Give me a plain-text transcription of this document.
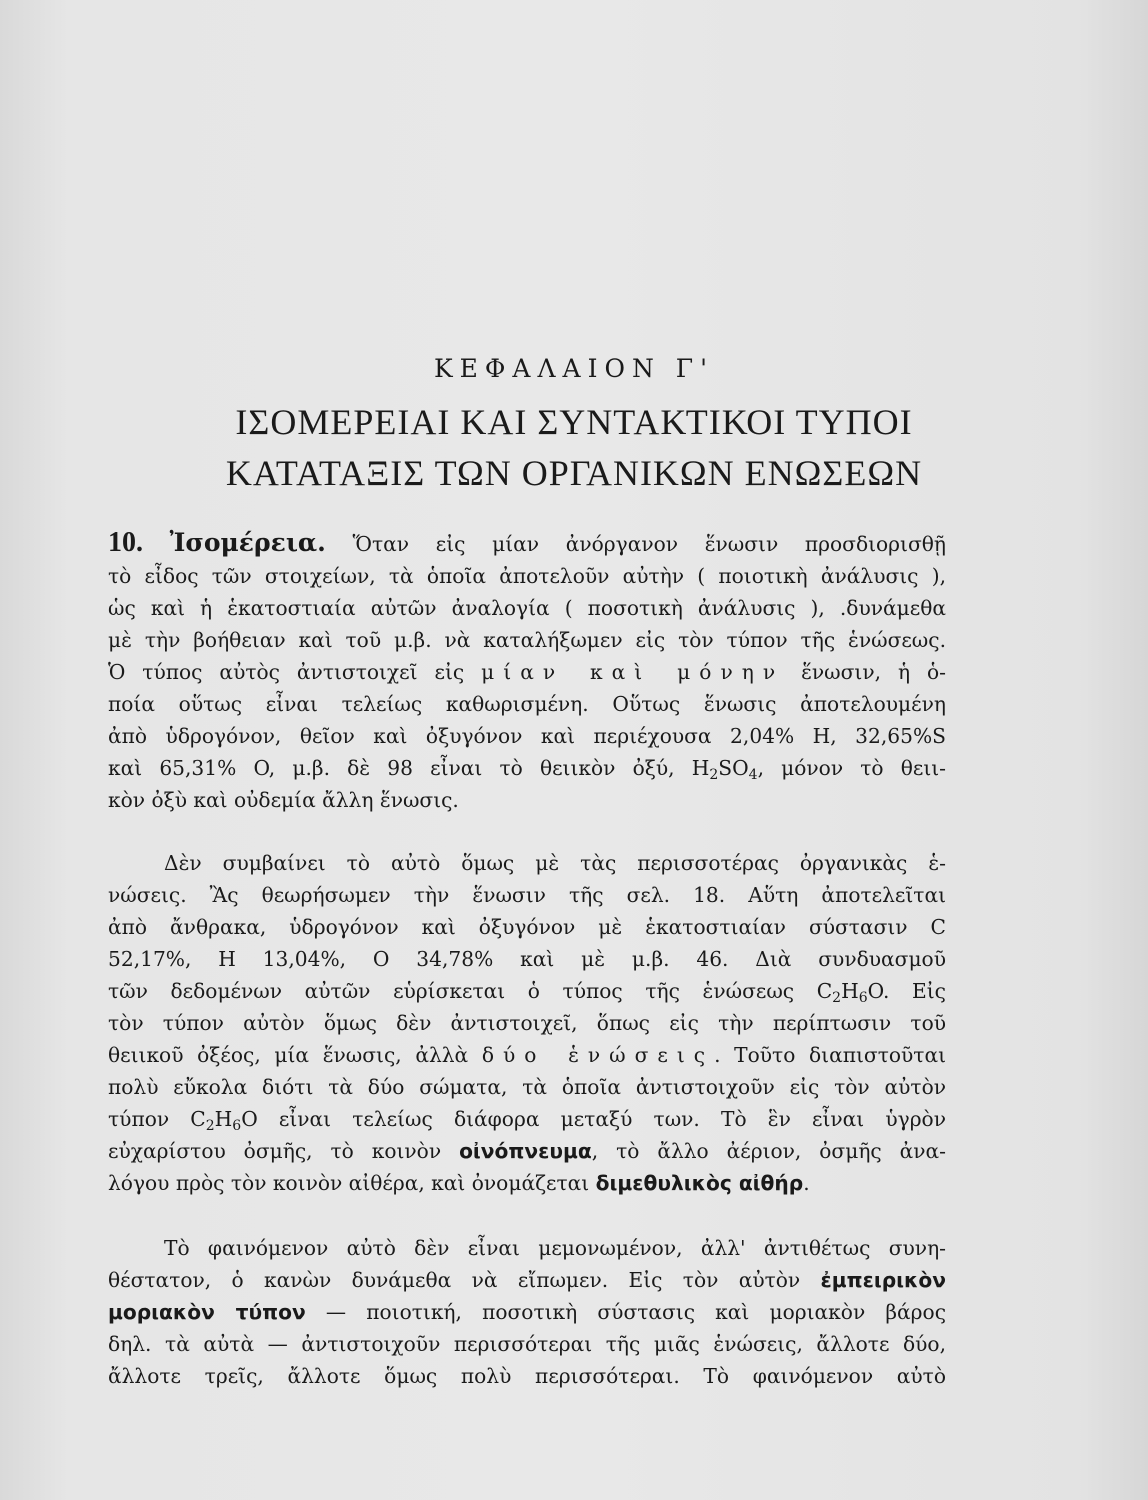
ΚΕΦΑΛΑΙΟΝ Γ'
ΙΣΟΜΕΡΕΙΑΙ ΚΑΙ ΣΥΝΤΑΚΤΙΚΟΙ ΤΥΠΟΙ
ΚΑΤΑΤΑΞΙΣ ΤΩΝ ΟΡΓΑΝΙΚΩΝ ΕΝΩΣΕΩΝ
10. Ἰσομέρεια. Ὅταν εἰς μίαν ἀνόργανον ἕνωσιν προσδιορισθῇ
τὸ εἶδος τῶν στοιχείων, τὰ ὁποῖα ἀποτελοῦν αὐτὴν ( ποιοτικὴ ἀνάλυσις ),
ὡς καὶ ἡ ἑκατοστιαία αὐτῶν ἀναλογία ( ποσοτικὴ ἀνάλυσις ), .δυνάμεθα
μὲ τὴν βοήθειαν καὶ τοῦ μ.β. νὰ καταλήξωμεν εἰς τὸν τύπον τῆς ἑνώσεως.
Ὁ τύπος αὐτὸς ἀντιστοιχεῖ εἰς μίαν καὶ μόνην ἕνωσιν, ἡ ὁ-
ποία οὕτως εἶναι τελείως καθωρισμένη. Οὕτως ἕνωσις ἀποτελουμένη
ἀπὸ ὑδρογόνον, θεῖον καὶ ὀξυγόνον καὶ περιέχουσα 2,04% H, 32,65%S
καὶ 65,31% O, μ.β. δὲ 98 εἶναι τὸ θειικὸν ὀξύ, $H_2SO_4$, μόνον τὸ θειι-
κὸν ὀξὺ καὶ οὐδεμία ἄλλη ἕνωσις.
Δὲν συμβαίνει τὸ αὐτὸ ὅμως μὲ τὰς περισσοτέρας ὀργανικὰς ἑ-
νώσεις. Ἂς θεωρήσωμεν τὴν ἕνωσιν τῆς σελ. 18. Αὕτη ἀποτελεῖται
ἀπὸ ἄνθρακα, ὑδρογόνον καὶ ὀξυγόνον μὲ ἑκατοστιαίαν σύστασιν C
52,17%, H 13,04%, O 34,78% καὶ μὲ μ.β. 46. Διὰ συνδυασμοῦ
τῶν δεδομένων αὐτῶν εὑρίσκεται ὁ τύπος τῆς ἑνώσεως $C_2H_6O$. Εἰς
τὸν τύπον αὐτὸν ὅμως δὲν ἀντιστοιχεῖ, ὅπως εἰς τὴν περίπτωσιν τοῦ
θειικοῦ ὀξέος, μία ἕνωσις, ἀλλὰ δύο ἑνώσεις. Τοῦτο διαπιστοῦται
πολὺ εὔκολα διότι τὰ δύο σώματα, τὰ ὁποῖα ἀντιστοιχοῦν εἰς τὸν αὐτὸν
τύπον $C_2H_6O$ εἶναι τελείως διάφορα μεταξύ των. Τὸ ἓν εἶναι ὑγρὸν
εὐχαρίστου ὀσμῆς, τὸ κοινὸν οἰνόπνευμα, τὸ ἄλλο ἀέριον, ὀσμῆς ἀνα-
λόγου πρὸς τὸν κοινὸν αἰθέρα, καὶ ὀνομάζεται διμεθυλικὸς αἰθήρ.
Τὸ φαινόμενον αὐτὸ δὲν εἶναι μεμονωμένον, ἀλλ' ἀντιθέτως συνη-
θέστατον, ὁ κανὼν δυνάμεθα νὰ εἴπωμεν. Εἰς τὸν αὐτὸν ἐμπειρικὸν
μοριακὸν τύπον — ποιοτική, ποσοτικὴ σύστασις καὶ μοριακὸν βάρος
δηλ. τὰ αὐτὰ — ἀντιστοιχοῦν περισσότεραι τῆς μιᾶς ἑνώσεις, ἄλλοτε δύο,
ἄλλοτε τρεῖς, ἄλλοτε ὅμως πολὺ περισσότεραι. Τὸ φαινόμενον αὐτὸ
